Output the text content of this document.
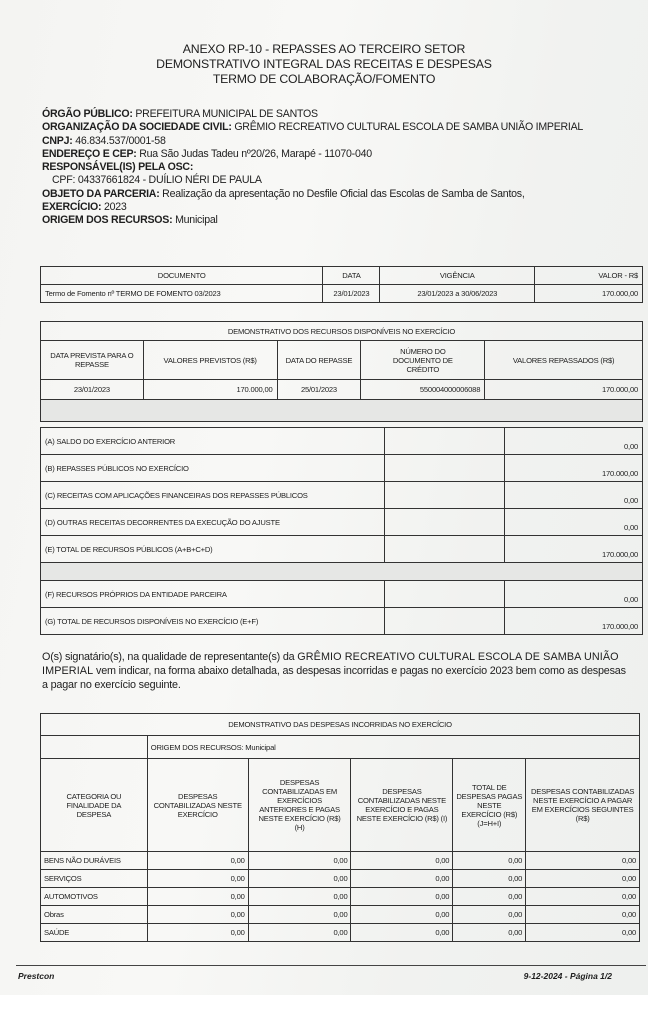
ANEXO RP-10 - REPASSES AO TERCEIRO SETOR
DEMONSTRATIVO INTEGRAL DAS RECEITAS E DESPESAS
TERMO DE COLABORAÇÃO/FOMENTO
ÓRGÃO PÚBLICO: PREFEITURA MUNICIPAL DE SANTOS
ORGANIZAÇÃO DA SOCIEDADE CIVIL: GRÊMIO RECREATIVO CULTURAL ESCOLA DE SAMBA UNIÃO IMPERIAL
CNPJ: 46.834.537/0001-58
ENDEREÇO E CEP: Rua São Judas Tadeu nº20/26, Marapé - 11070-040
RESPONSÁVEL(IS) PELA OSC:
CPF: 04337661824 - DUÍLIO NÉRI DE PAULA
OBJETO DA PARCERIA: Realização da apresentação no Desfile Oficial das Escolas de Samba de Santos,
EXERCÍCIO: 2023
ORIGEM DOS RECURSOS: Municipal
DOCUMENTO	DATA	VIGÊNCIA	VALOR - R$
Termo de Fomento nº TERMO DE FOMENTO 03/2023	23/01/2023	23/01/2023 a 30/06/2023	170.000,00
DEMONSTRATIVO DOS RECURSOS DISPONÍVEIS NO EXERCÍCIO				
DATA PREVISTA PARA O REPASSE	VALORES PREVISTOS (R$)	DATA DO REPASSE	NÚMERO DO DOCUMENTO DE CRÉDITO	VALORES REPASSADOS (R$)
23/01/2023	170.000,00	25/01/2023	550004000006088	170.000,00

(A) SALDO DO EXERCÍCIO ANTERIOR		0,00
(B) REPASSES PÚBLICOS NO EXERCÍCIO		170.000,00
(C) RECEITAS COM APLICAÇÕES FINANCEIRAS DOS REPASSES PÚBLICOS		0,00
(D) OUTRAS RECEITAS DECORRENTES DA EXECUÇÃO DO AJUSTE		0,00
(E) TOTAL DE RECURSOS PÚBLICOS (A+B+C+D)		170.000,00

(F) RECURSOS PRÓPRIOS DA ENTIDADE PARCEIRA		0,00
(G) TOTAL DE RECURSOS DISPONÍVEIS NO EXERCÍCIO (E+F)		170.000,00
O(s) signatário(s), na qualidade de representante(s) da GRÊMIO RECREATIVO CULTURAL ESCOLA DE SAMBA UNIÃO IMPERIAL vem indicar, na forma abaixo detalhada, as despesas incorridas e pagas no exercício 2023 bem como as despesas a pagar no exercício seguinte.
DEMONSTRATIVO DAS DESPESAS INCORRIDAS NO EXERCÍCIO					
	ORIGEM DOS RECURSOS: Municipal				
CATEGORIA OU FINALIDADE DA DESPESA	DESPESAS CONTABILIZADAS NESTE EXERCÍCIO	DESPESAS CONTABILIZADAS EM EXERCÍCIOS ANTERIORES E PAGAS NESTE EXERCÍCIO (R$) (H)	DESPESAS CONTABILIZADAS NESTE EXERCÍCIO E PAGAS NESTE EXERCÍCIO (R$) (I)	TOTAL DE DESPESAS PAGAS NESTE EXERCÍCIO (R$) (J=H+I)	DESPESAS CONTABILIZADAS NESTE EXERCÍCIO A PAGAR EM EXERCÍCIOS SEGUINTES (R$)
BENS NÃO DURÁVEIS	0,00	0,00	0,00	0,00	0,00
SERVIÇOS	0,00	0,00	0,00	0,00	0,00
AUTOMOTIVOS	0,00	0,00	0,00	0,00	0,00
Obras	0,00	0,00	0,00	0,00	0,00
SAÚDE	0,00	0,00	0,00	0,00	0,00
Prestcon	9-12-2024 - Página 1/2
